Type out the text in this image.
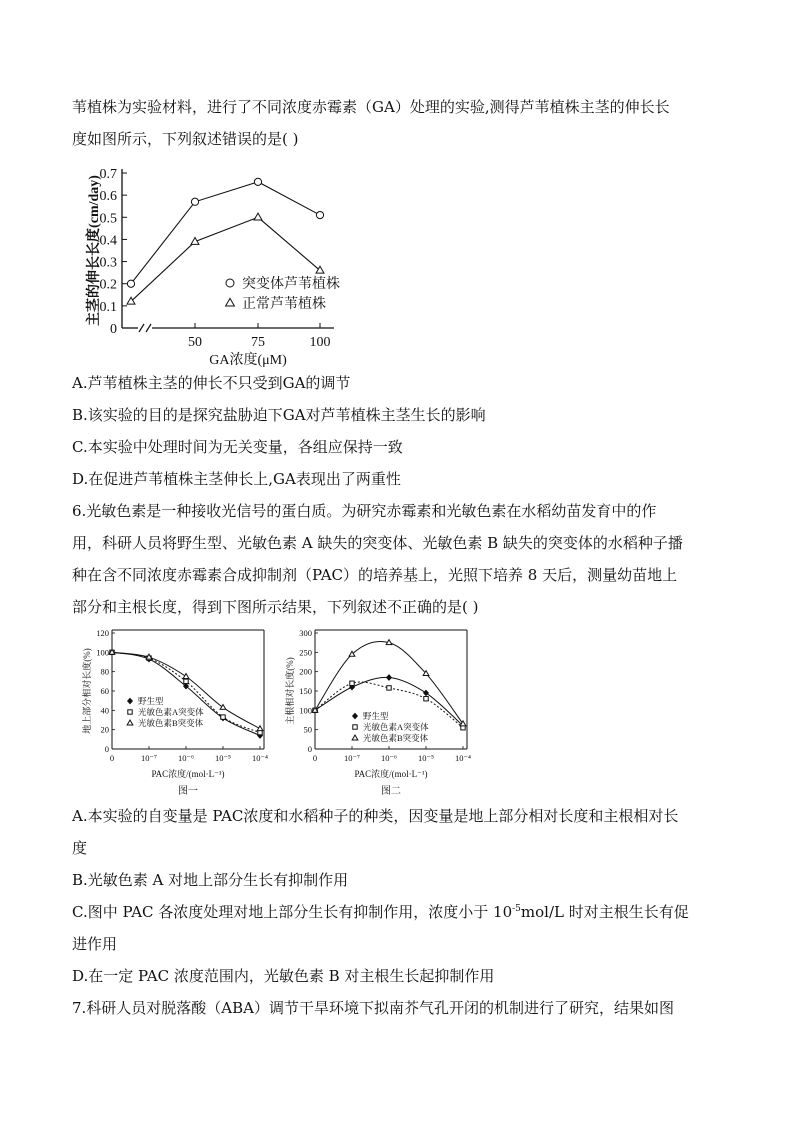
苇植株为实验材料，进行了不同浓度赤霉素（GA）处理的实验,测得芦苇植株主茎的伸长长
度如图所示，下列叙述错误的是( )
0
0.1
0.2
0.3
0.4
0.5
0.6
0.7
50	75	100
GA浓度(μM)
主茎的伸长长度(cm/day)	突变体芦苇植株
正常芦苇植株
A.芦苇植株主茎的伸长不只受到GA的调节
B.该实验的目的是探究盐胁迫下GA对芦苇植株主茎生长的影响
C.本实验中处理时间为无关变量，各组应保持一致
D.在促进芦苇植株主茎伸长上,GA表现出了两重性
6.光敏色素是一种接收光信号的蛋白质。为研究赤霉素和光敏色素在水稻幼苗发育中的作
用，科研人员将野生型、光敏色素 A 缺失的突变体、光敏色素 B 缺失的突变体的水稻种子播
种在含不同浓度赤霉素合成抑制剂（PAC）的培养基上，光照下培养 8 天后，测量幼苗地上
部分和主根长度，得到下图所示结果，下列叙述不正确的是( )
0
20
40
60
80
100
120
0	10⁻⁷ 10⁻⁶ 10⁻⁵ 10⁻⁴
PAC浓度/(mol·L⁻¹)
图一
地上部分相对长度(%)	野生型
光敏色素A突变体
光敏色素B突变体
0
50
100
150
200
250
300
0	10⁻⁷ 10⁻⁶ 10⁻⁵ 10⁻⁴
PAC浓度/(mol·L⁻¹)
图二
主根相对长度(%)	野生型
光敏色素A突变体
光敏色素B突变体
A.本实验的自变量是 PAC浓度和水稻种子的种类，因变量是地上部分相对长度和主根相对长
度
B.光敏色素 A 对地上部分生长有抑制作用
C.图中 PAC 各浓度处理对地上部分生长有抑制作用，浓度小于 $10^{-5}mol/L$ 时对主根生长有促
进作用
D.在一定 PAC 浓度范围内，光敏色素 B 对主根生长起抑制作用
7.科研人员对脱落酸（ABA）调节干旱环境下拟南芥气孔开闭的机制进行了研究，结果如图
